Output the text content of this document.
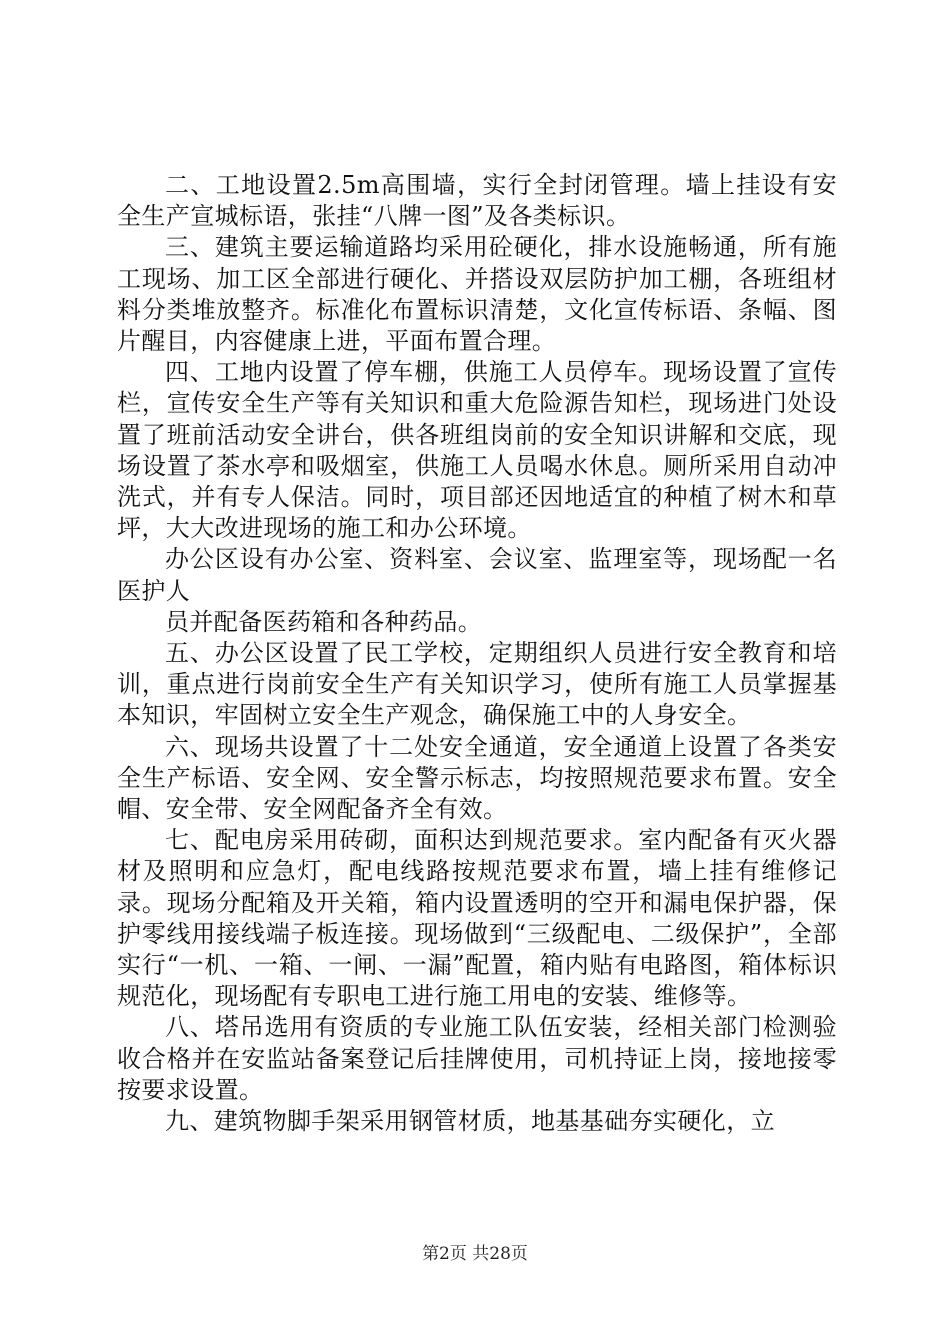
二、工地设置2.5m高围墙，实行全封闭管理。墙上挂设有安全生产宣城标语，张挂“八牌一图”及各类标识。

三、建筑主要运输道路均采用砼硬化，排水设施畅通，所有施工现场、加工区全部进行硬化、并搭设双层防护加工棚，各班组材料分类堆放整齐。标准化布置标识清楚，文化宣传标语、条幅、图片醒目，内容健康上进，平面布置合理。

四、工地内设置了停车棚，供施工人员停车。现场设置了宣传栏，宣传安全生产等有关知识和重大危险源告知栏，现场进门处设置了班前活动安全讲台，供各班组岗前的安全知识讲解和交底，现场设置了茶水亭和吸烟室，供施工人员喝水休息。厕所采用自动冲洗式，并有专人保洁。同时，项目部还因地适宜的种植了树木和草坪，大大改进现场的施工和办公环境。

办公区设有办公室、资料室、会议室、监理室等，现场配一名医护人

员并配备医药箱和各种药品。

五、办公区设置了民工学校，定期组织人员进行安全教育和培训，重点进行岗前安全生产有关知识学习，使所有施工人员掌握基本知识，牢固树立安全生产观念，确保施工中的人身安全。

六、现场共设置了十二处安全通道，安全通道上设置了各类安全生产标语、安全网、安全警示标志，均按照规范要求布置。安全帽、安全带、安全网配备齐全有效。

七、配电房采用砖砌，面积达到规范要求。室内配备有灭火器材及照明和应急灯，配电线路按规范要求布置，墙上挂有维修记录。现场分配箱及开关箱，箱内设置透明的空开和漏电保护器，保护零线用接线端子板连接。现场做到“三级配电、二级保护”，全部实行“一机、一箱、一闸、一漏”配置，箱内贴有电路图，箱体标识规范化，现场配有专职电工进行施工用电的安装、维修等。

八、塔吊选用有资质的专业施工队伍安装，经相关部门检测验收合格并在安监站备案登记后挂牌使用，司机持证上岗，接地接零按要求设置。

九、建筑物脚手架采用钢管材质，地基基础夯实硬化，立

第2页 共28页
